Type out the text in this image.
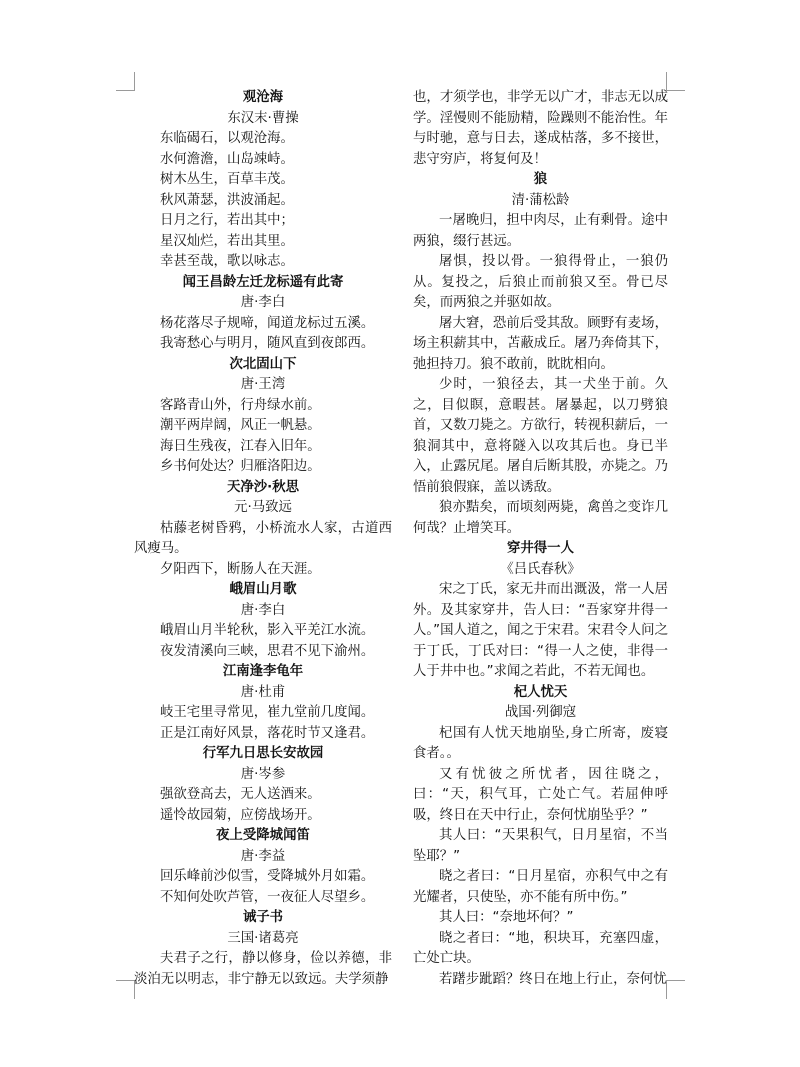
观沧海
东汉末·曹操
东临碣石，以观沧海。
水何澹澹，山岛竦峙。
树木丛生，百草丰茂。
秋风萧瑟，洪波涌起。
日月之行，若出其中；
星汉灿烂，若出其里。
幸甚至哉，歌以咏志。
闻王昌龄左迁龙标遥有此寄
唐·李白
杨花落尽子规啼，闻道龙标过五溪。
我寄愁心与明月，随风直到夜郎西。
次北固山下
唐·王湾
客路青山外，行舟绿水前。
潮平两岸阔，风正一帆悬。
海日生残夜，江春入旧年。
乡书何处达？归雁洛阳边。
天净沙·秋思
元·马致远
枯藤老树昏鸦，小桥流水人家，古道西风瘦马。
夕阳西下，断肠人在天涯。
峨眉山月歌
唐·李白
峨眉山月半轮秋，影入平羌江水流。
夜发清溪向三峡，思君不见下渝州。
江南逢李龟年
唐·杜甫
岐王宅里寻常见，崔九堂前几度闻。
正是江南好风景，落花时节又逢君。
行军九日思长安故园
唐·岑参
强欲登高去，无人送酒来。
遥怜故园菊，应傍战场开。
夜上受降城闻笛
唐·李益
回乐峰前沙似雪，受降城外月如霜。
不知何处吹芦管，一夜征人尽望乡。
诫子书
三国·诸葛亮
夫君子之行，静以修身，俭以养德，非淡泊无以明志，非宁静无以致远。夫学须静
也，才须学也，非学无以广才，非志无以成学。淫慢则不能励精，险躁则不能治性。年与时驰，意与日去，遂成枯落，多不接世，悲守穷庐，将复何及！
狼
清·蒲松龄
一屠晚归，担中肉尽，止有剩骨。途中两狼，缀行甚远。
屠惧，投以骨。一狼得骨止，一狼仍从。复投之，后狼止而前狼又至。骨已尽矣，而两狼之并驱如故。
屠大窘，恐前后受其敌。顾野有麦场，场主积薪其中，苫蔽成丘。屠乃奔倚其下，弛担持刀。狼不敢前，眈眈相向。
少时，一狼径去，其一犬坐于前。久之，目似瞑，意暇甚。屠暴起，以刀劈狼首，又数刀毙之。方欲行，转视积薪后，一狼洞其中，意将隧入以攻其后也。身已半入，止露尻尾。屠自后断其股，亦毙之。乃悟前狼假寐，盖以诱敌。
狼亦黠矣，而顷刻两毙，禽兽之变诈几何哉？止增笑耳。
穿井得一人
《吕氏春秋》
宋之丁氏，家无井而出溉汲，常一人居外。及其家穿井，告人曰：“吾家穿井得一人。”国人道之，闻之于宋君。宋君令人问之于丁氏，丁氏对曰：“得一人之使，非得一人于井中也。”求闻之若此，不若无闻也。
杞人忧天
战国·列御寇
杞国有人忧天地崩坠,身亡所寄，废寝食者。。
又有忧彼之所忧者，因往晓之，曰：“天，积气耳，亡处亡气。若屈伸呼吸，终日在天中行止，奈何忧崩坠乎？”
其人曰：“天果积气，日月星宿，不当坠耶？”
晓之者曰：“日月星宿，亦积气中之有光耀者，只使坠，亦不能有所中伤。”
其人曰：“奈地坏何？”
晓之者曰：“地，积块耳，充塞四虚，亡处亡块。
若躇步跐蹈？终日在地上行止，奈何忧
